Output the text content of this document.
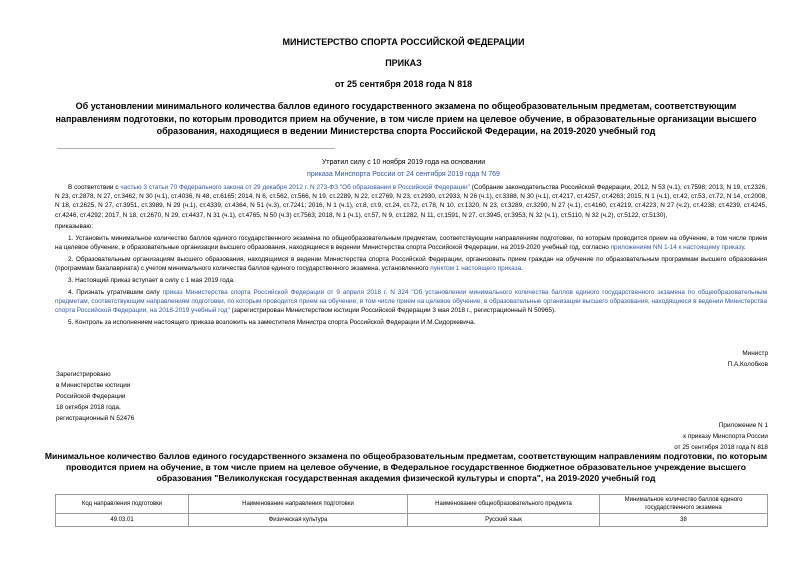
МИНИСТЕРСТВО СПОРТА РОССИЙСКОЙ ФЕДЕРАЦИИ
ПРИКАЗ
от 25 сентября 2018 года N 818
Об установлении минимального количества баллов единого государственного экзамена по общеобразовательным предметам, соответствующим направлениям подготовки, по которым проводится прием на обучение, в том числе прием на целевое обучение, в образовательные организации высшего образования, находящиеся в ведении Министерства спорта Российской Федерации, на 2019-2020 учебный год
Утратил силу с 10 ноября 2019 года на основании
приказа Минспорта России от 24 сентября 2019 года N 769

В соответствии с частью 3 статьи 70 Федерального закона от 29 декабря 2012 г. N 273-ФЗ "Об образовании в Российской Федерации" (Собрание законодательства Российской Федерации, 2012, N 53 (ч.1), ст.7598; 2013, N 19, ст.2326, N 23, ст.2878, N 27, ст.3462, N 30 (ч.1), ст.4036, N 48, ст.6165; 2014, N 6, ст.562, ст.566, N 19, ст.2289, N 22, ст.2769, N 23, ст.2930, ст.2933, N 26 (ч.1), ст.3388, N 30 (ч.1), ст.4217, ст.4257, ст.4263; 2015, N 1 (ч.1), ст.42, ст.53, ст.72, N 14, ст.2008, N 18, ст.2625, N 27, ст.3951, ст.3989, N 29 (ч.1), ст.4339, ст.4364, N 51 (ч.3), ст.7241; 2016, N 1 (ч.1), ст.8, ст.9, ст.24, ст.72, ст.78, N 10, ст.1320, N 23, ст.3289, ст.3290, N 27 (ч.1), ст.4160, ст.4219, ст.4223, N 27 (ч.2), ст.4238, ст.4239, ст.4245, ст.4246, ст.4292; 2017, N 18, ст.2670, N 29, ст.4437, N 31 (ч.1), ст.4765, N 50 (ч.3) ст.7563; 2018, N 1 (ч.1), ст.57, N 9, ст.1282, N 11, ст.1591, N 27, ст.3945, ст.3953, N 32 (ч.1), ст.5110, N 32 (ч.2), ст.5122, ст.5130),

приказываю:

1. Установить минимальное количество баллов единого государственного экзамена по общеобразовательным предметам, соответствующим направлениям подготовки, по которым проводится прием на обучение, в том числе прием на целевое обучение, в образовательные организации высшего образования, находящиеся в ведении Министерства спорта Российской Федерации, на 2019-2020 учебный год, согласно приложениям NN 1-14 к настоящему приказу.

2. Образовательным организациям высшего образования, находящимся в ведении Министерства спорта Российской Федерации, организовать прием граждан на обучение по образовательным программам высшего образования (программам бакалавриата) с учетом минимального количества баллов единого государственного экзамена, установленного пунктом 1 настоящего приказа.

3. Настоящий приказ вступает в силу с 1 мая 2019 года.

4. Признать утратившим силу приказ Министерства спорта Российской Федерации от 9 апреля 2018 г. N 324 "Об установлении минимального количества баллов единого государственного экзамена по общеобразовательным предметам, соответствующим направлениям подготовки, по которым проводится прием на обучение, в том числе прием на целевое обучение, в образовательные организации высшего образования, находящиеся в ведении Министерства спорта Российской Федерации, на 2018-2019 учебный год" (зарегистрирован Министерством юстиции Российской Федерации 3 мая 2018 г., регистрационный N 50965).

5. Контроль за исполнением настоящего приказа возложить на заместителя Министра спорта Российской Федерации И.М.Сидоркевича.

Министр
П.А.Колобков
Зарегистрировано
в Министерстве юстиции
Российской Федерации
18 октября 2018 года,
регистрационный N 52476
Приложение N 1
к приказу Минспорта России
от 25 сентября 2018 года N 818
Минимальное количество баллов единого государственного экзамена по общеобразовательным предметам, соответствующим направлениям подготовки, по которым проводится прием на обучение, в том числе прием на целевое обучение, в Федеральное государственное бюджетное образовательное учреждение высшего образования "Великолукская государственная академия физической культуры и спорта", на 2019-2020 учебный год
Код направления подготовки	Наименование направления подготовки	Наименование общеобразовательного предмета	Минимальное количество баллов единого государственного экзамена
49.03.01	Физическая культура	Русский язык	38
